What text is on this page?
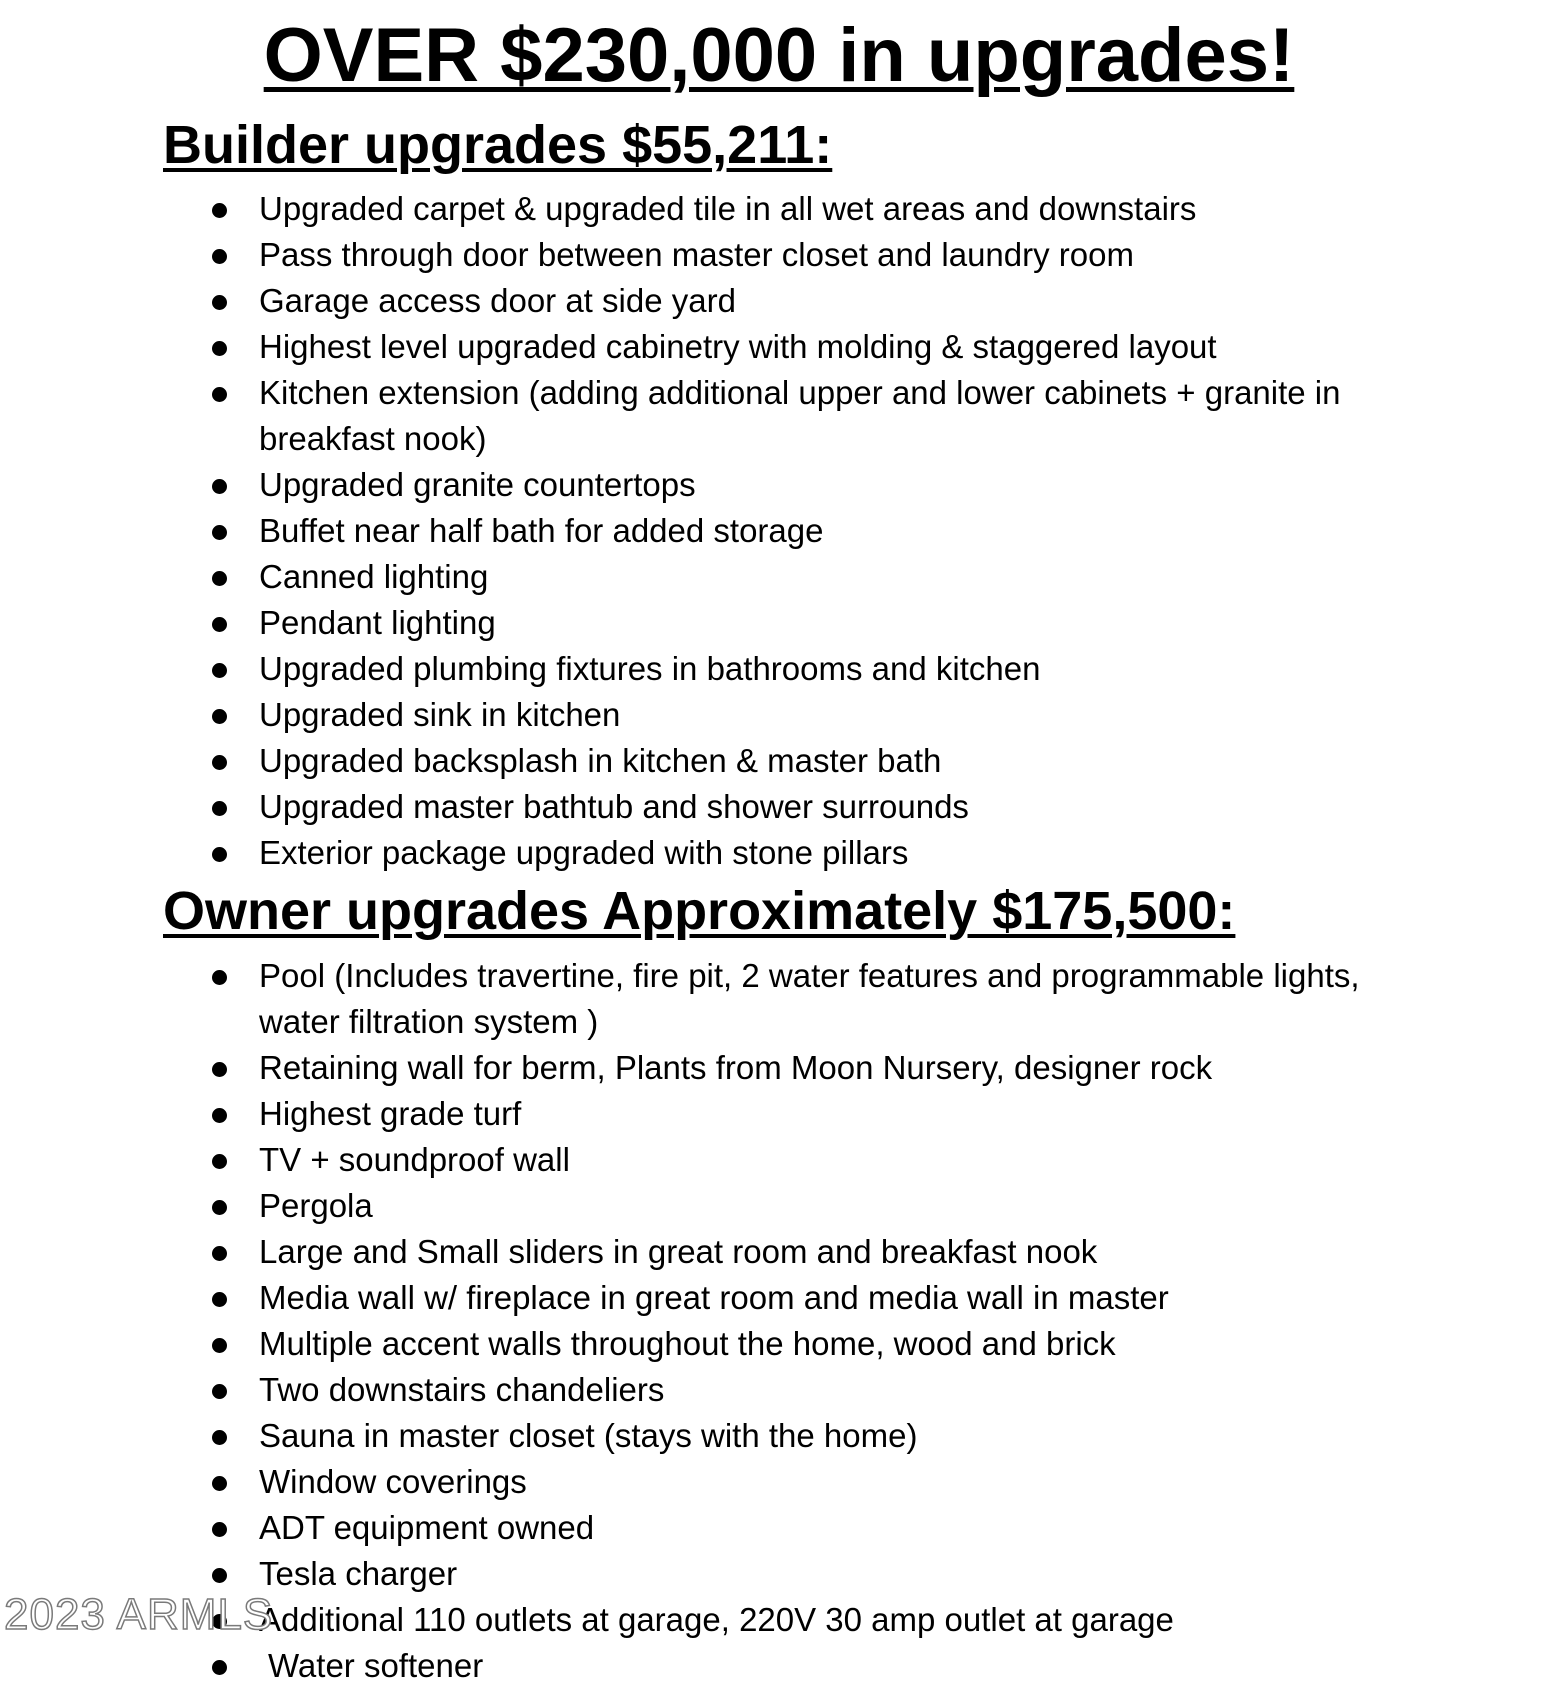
OVER $230,000 in upgrades!
Builder upgrades $55,211:
Upgraded carpet & upgraded tile in all wet areas and downstairs
Pass through door between master closet and laundry room
Garage access door at side yard
Highest level upgraded cabinetry with molding & staggered layout
Kitchen extension (adding additional upper and lower cabinets + granite in breakfast nook)
Upgraded granite countertops
Buffet near half bath for added storage
Canned lighting
Pendant lighting
Upgraded plumbing fixtures in bathrooms and kitchen
Upgraded sink in kitchen
Upgraded backsplash in kitchen & master bath
Upgraded master bathtub and shower surrounds
Exterior package upgraded with stone pillars
Owner upgrades Approximately $175,500:
Pool (Includes travertine, fire pit, 2 water features and programmable lights, water filtration system )
Retaining wall for berm, Plants from Moon Nursery, designer rock
Highest grade turf
TV + soundproof wall
Pergola
Large and Small sliders in great room and breakfast nook
Media wall w/ fireplace in great room and media wall in master
Multiple accent walls throughout the home, wood and brick
Two downstairs chandeliers
Sauna in master closet (stays with the home)
Window coverings
ADT equipment owned
Tesla charger
Additional 110 outlets at garage, 220V 30 amp outlet at garage
Water softener
2023 ARMLS
